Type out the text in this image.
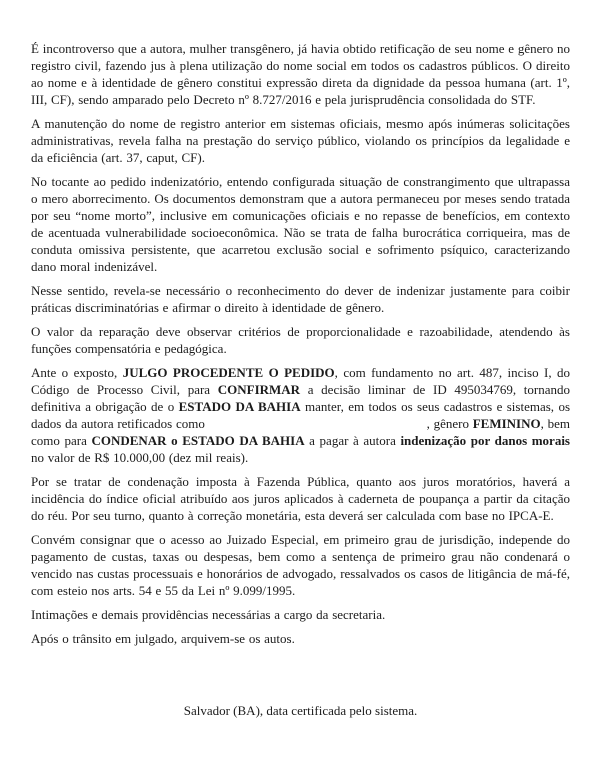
É incontroverso que a autora, mulher transgênero, já havia obtido retificação de seu nome e gênero no registro civil, fazendo jus à plena utilização do nome social em todos os cadastros públicos. O direito ao nome e à identidade de gênero constitui expressão direta da dignidade da pessoa humana (art. 1º, III, CF), sendo amparado pelo Decreto nº 8.727/2016 e pela jurisprudência consolidada do STF.

A manutenção do nome de registro anterior em sistemas oficiais, mesmo após inúmeras solicitações administrativas, revela falha na prestação do serviço público, violando os princípios da legalidade e da eficiência (art. 37, caput, CF).

No tocante ao pedido indenizatório, entendo configurada situação de constrangimento que ultrapassa o mero aborrecimento. Os documentos demonstram que a autora permaneceu por meses sendo tratada por seu “nome morto”, inclusive em comunicações oficiais e no repasse de benefícios, em contexto de acentuada vulnerabilidade socioeconômica. Não se trata de falha burocrática corriqueira, mas de conduta omissiva persistente, que acarretou exclusão social e sofrimento psíquico, caracterizando dano moral indenizável.

Nesse sentido, revela-se necessário o reconhecimento do dever de indenizar justamente para coibir práticas discriminatórias e afirmar o direito à identidade de gênero.

O valor da reparação deve observar critérios de proporcionalidade e razoabilidade, atendendo às funções compensatória e pedagógica.

Ante o exposto, JULGO PROCEDENTE O PEDIDO, com fundamento no art. 487, inciso I, do Código de Processo Civil, para CONFIRMAR a decisão liminar de ID 495034769, tornando definitiva a obrigação de o ESTADO DA BAHIA manter, em todos os seus cadastros e sistemas, os dados da autora retificados como	, gênero FEMININO, bem como para CONDENAR o ESTADO DA BAHIA a pagar à autora indenização por danos morais no valor de R$ 10.000,00 (dez mil reais).

Por se tratar de condenação imposta à Fazenda Pública, quanto aos juros moratórios, haverá a incidência do índice oficial atribuído aos juros aplicados à caderneta de poupança a partir da citação do réu. Por seu turno, quanto à correção monetária, esta deverá ser calculada com base no IPCA-E.

Convém consignar que o acesso ao Juizado Especial, em primeiro grau de jurisdição, independe do pagamento de custas, taxas ou despesas, bem como a sentença de primeiro grau não condenará o vencido nas custas processuais e honorários de advogado, ressalvados os casos de litigância de má-fé, com esteio nos arts. 54 e 55 da Lei nº 9.099/1995.

Intimações e demais providências necessárias a cargo da secretaria.

Após o trânsito em julgado, arquivem-se os autos.

Salvador (BA), data certificada pelo sistema.
